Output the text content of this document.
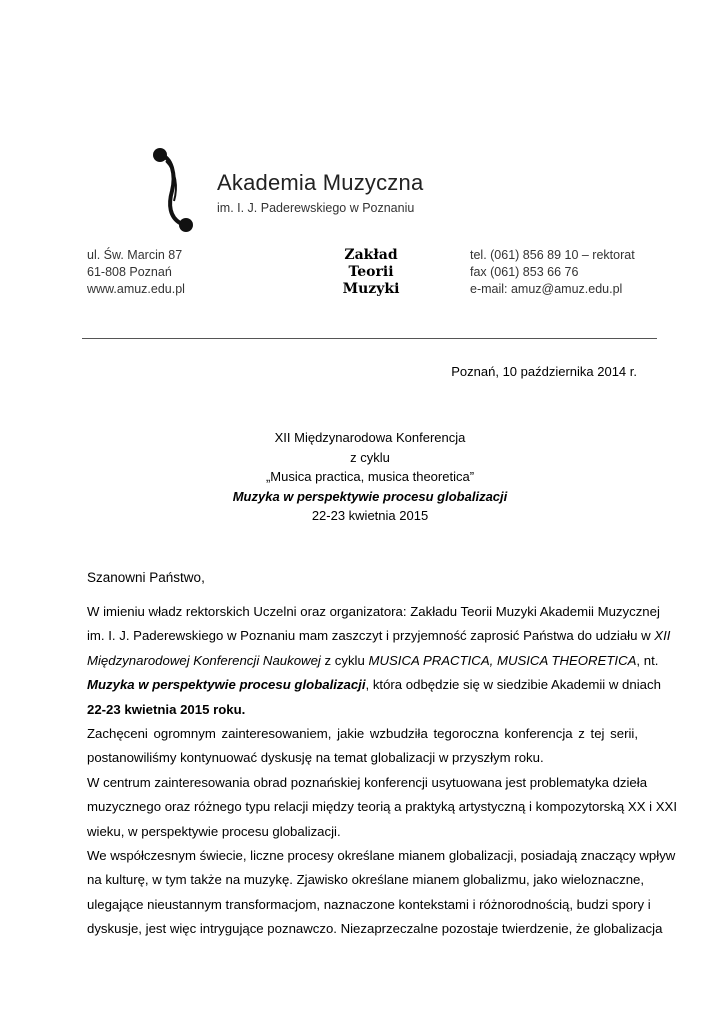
Akademia Muzyczna
im. I. J. Paderewskiego w Poznaniu
ul. Św. Marcin 87
61-808 Poznań
www.amuz.edu.pl
Zakład
Teorii
Muzyki
tel. (061) 856 89 10 – rektorat
fax (061) 853 66 76
e-mail: amuz@amuz.edu.pl
Poznań, 10 października 2014 r.
XII Międzynarodowa Konferencja
z cyklu
„Musica practica, musica theoretica”
Muzyka w perspektywie procesu globalizacji
22-23 kwietnia 2015
Szanowni Państwo,
W imieniu władz rektorskich Uczelni oraz organizatora: Zakładu Teorii Muzyki Akademii Muzycznej
im. I. J. Paderewskiego w Poznaniu mam zaszczyt i przyjemność zaprosić Państwa do udziału w XII
Międzynarodowej Konferencji Naukowej z cyklu MUSICA PRACTICA, MUSICA THEORETICA, nt.
Muzyka w perspektywie procesu globalizacji, która odbędzie się w siedzibie Akademii w dniach
22-23 kwietnia 2015 roku.
Zachęceni ogromnym zainteresowaniem, jakie wzbudziła tegoroczna konferencja z tej serii,
postanowiliśmy kontynuować dyskusję na temat globalizacji w przyszłym roku.
W centrum zainteresowania obrad poznańskiej konferencji usytuowana jest problematyka dzieła
muzycznego oraz różnego typu relacji między teorią a praktyką artystyczną i kompozytorską XX i XXI
wieku, w perspektywie procesu globalizacji.
We współczesnym świecie, liczne procesy określane mianem globalizacji, posiadają znaczący wpływ
na kulturę, w tym także na muzykę. Zjawisko określane mianem globalizmu, jako wieloznaczne,
ulegające nieustannym transformacjom, naznaczone kontekstami i różnorodnością, budzi spory i
dyskusje, jest więc intrygujące poznawczo. Niezaprzeczalne pozostaje twierdzenie, że globalizacja
